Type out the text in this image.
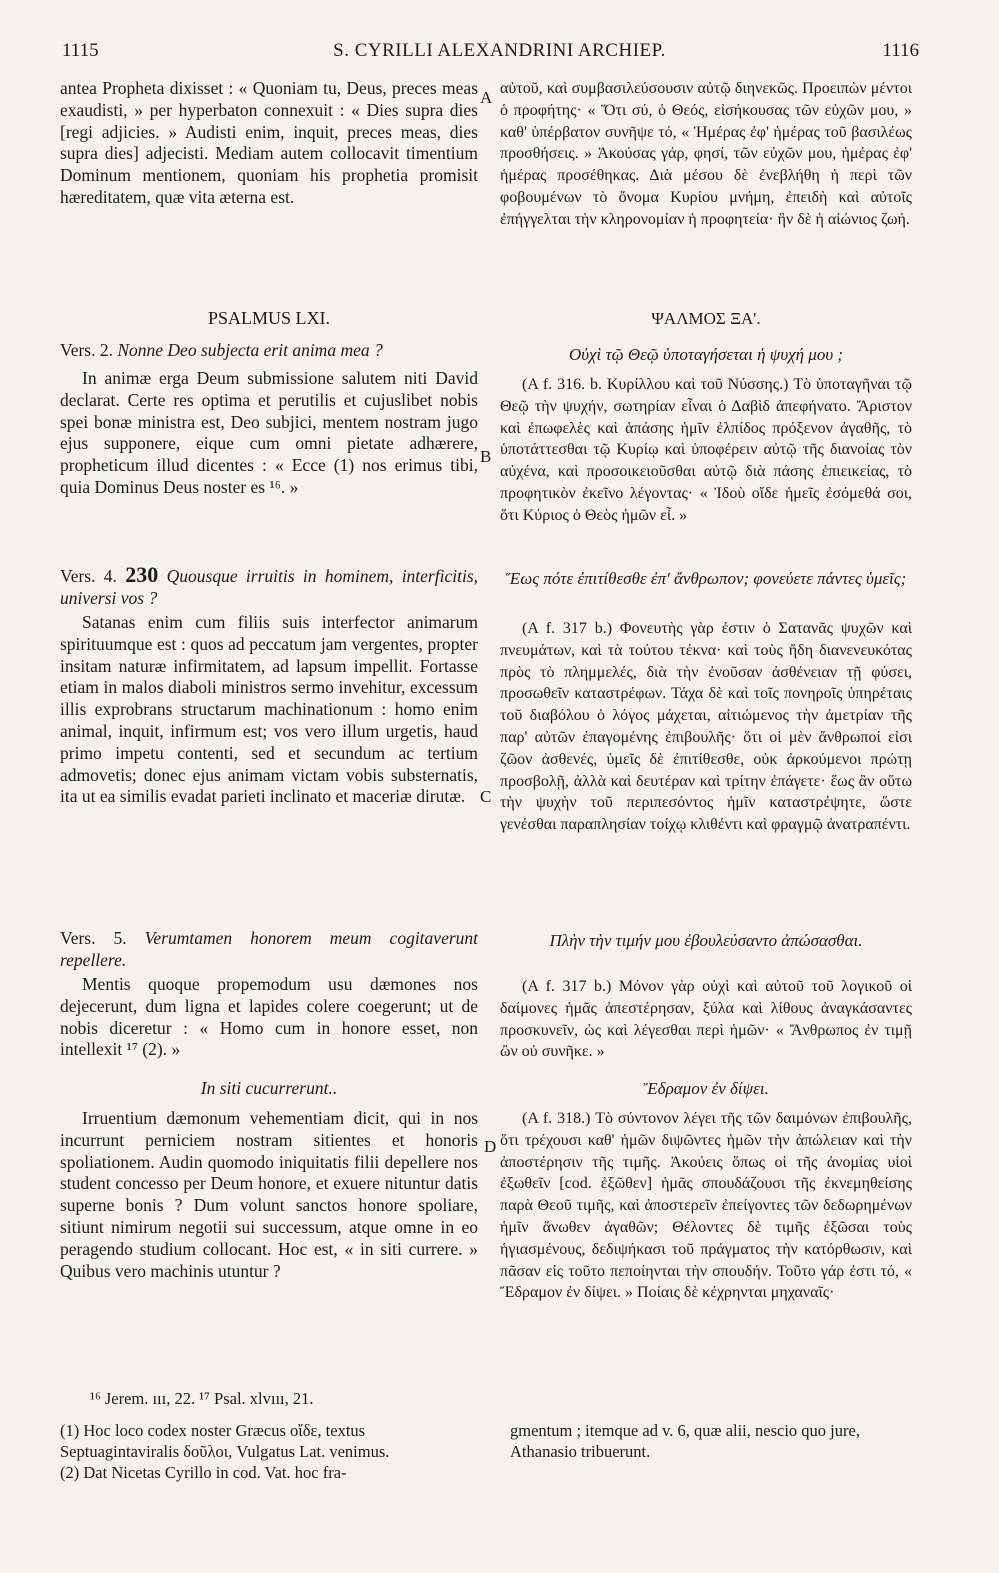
1115	S. CYRILLI ALEXANDRINI ARCHIEP.	1116
A
B
C
D

antea Propheta dixisset : « Quoniam tu, Deus, preces meas exaudisti, » per hyperbaton connexuit : « Dies supra dies [regi adjicies. » Audisti enim, inquit, preces meas, dies supra dies] adjecisti. Mediam autem collocavit timentium Dominum mentionem, quoniam his prophetia promisit hæreditatem, quæ vita æterna est.

PSALMUS LXI.

Vers. 2. Nonne Deo subjecta erit anima mea ?

In animæ erga Deum submissione salutem niti David declarat. Certe res optima et perutilis et cujuslibet nobis spei bonæ ministra est, Deo subjici, mentem nostram jugo ejus supponere, eique cum omni pietate adhærere, propheticum illud dicentes : « Ecce (1) nos erimus tibi, quia Dominus Deus noster es ¹⁶. »

Vers. 4. 230 Quousque irruitis in hominem, interficitis, universi vos ?

Satanas enim cum filiis suis interfector animarum spirituumque est : quos ad peccatum jam vergentes, propter insitam naturæ infirmitatem, ad lapsum impellit. Fortasse etiam in malos diaboli ministros sermo invehitur, excessum illis exprobrans structarum machinationum : homo enim animal, inquit, infirmum est; vos vero illum urgetis, haud primo impetu contenti, sed et secundum ac tertium admovetis; donec ejus animam victam vobis substernatis, ita ut ea similis evadat parieti inclinato et maceriæ dirutæ.

Vers. 5. Verumtamen honorem meum cogitaverunt repellere.

Mentis quoque propemodum usu dæmones nos dejecerunt, dum ligna et lapides colere coegerunt; ut de nobis diceretur : « Homo cum in honore esset, non intellexit ¹⁷ (2). »

In siti cucurrerunt..

Irruentium dæmonum vehementiam dicit, qui in nos incurrunt perniciem nostram sitientes et honoris spoliationem. Audin quomodo iniquitatis filii depellere nos student concesso per Deum honore, et exuere nituntur datis superne bonis ? Dum volunt sanctos honore spoliare, sitiunt nimirum negotii sui successum, atque omne in eo peragendo studium collocant. Hoc est, « in siti currere. » Quibus vero machinis utuntur ?

αὐτοῦ, καὶ συμβασιλεύσουσιν αὐτῷ διηνεκῶς. Προειπὼν μέντοι ὁ προφήτης· « Ὅτι σύ, ὁ Θεός, εἰσήκουσας τῶν εὐχῶν μου, » καθ' ὑπέρβατον συνῆψε τό, « Ἡμέρας ἐφ' ἡμέρας τοῦ βασιλέως προσθήσεις. » Ἀκούσας γάρ, φησί, τῶν εὐχῶν μου, ἡμέρας ἐφ' ἡμέρας προσέθηκας. Διὰ μέσου δὲ ἐνεβλήθη ἡ περὶ τῶν φοβουμένων τὸ ὄνομα Κυρίου μνήμη, ἐπειδὴ καὶ αὐτοῖς ἐπήγγελται τὴν κληρονομίαν ἡ προφητεία· ἣν δὲ ἡ αἰώνιος ζωή.

ΨΑΛΜΟΣ ΞΑ'.
Οὐχὶ τῷ Θεῷ ὑποταγήσεται ἡ ψυχή μου ;

(A f. 316. b. Κυρίλλου καὶ τοῦ Νύσσης.) Τὸ ὑποταγῆναι τῷ Θεῷ τὴν ψυχήν, σωτηρίαν εἶναι ὁ Δαβὶδ ἀπεφήνατο. Ἄριστον καὶ ἐπωφελὲς καὶ ἁπάσης ἡμῖν ἐλπίδος πρόξενον ἀγαθῆς, τὸ ὑποτάττεσθαι τῷ Κυρίῳ καὶ ὑποφέρειν αὐτῷ τῆς διανοίας τὸν αὐχένα, καὶ προσοικειοῦσθαι αὐτῷ διὰ πάσης ἐπιεικείας, τὸ προφητικὸν ἐκεῖνο λέγοντας· « Ἰδοὺ οἴδε ἡμεῖς ἐσόμεθά σοι, ὅτι Κύριος ὁ Θεὸς ἡμῶν εἶ. »

Ἕως πότε ἐπιτίθεσθε ἐπ' ἄνθρωπον; φονεύετε πάντες ὑμεῖς;

(A f. 317 b.) Φονευτὴς γὰρ ἐστιν ὁ Σατανᾶς ψυχῶν καὶ πνευμάτων, καὶ τὰ τούτου τέκνα· καὶ τοὺς ἤδη διανενευκότας πρὸς τὸ πλημμελές, διὰ τὴν ἐνοῦσαν ἀσθένειαν τῇ φύσει, προσωθεῖν καταστρέφων. Τάχα δὲ καὶ τοῖς πονηροῖς ὑπηρέταις τοῦ διαβόλου ὁ λόγος μάχεται, αἰτιώμενος τὴν ἀμετρίαν τῆς παρ' αὐτῶν ἐπαγομένης ἐπιβουλῆς· ὅτι οἱ μὲν ἄνθρωποί εἰσι ζῶον ἀσθενές, ὑμεῖς δὲ ἐπιτίθεσθε, οὐκ ἀρκούμενοι πρώτῃ προσβολῇ, ἀλλὰ καὶ δευτέραν καὶ τρίτην ἐπάγετε· ἕως ἂν οὕτω τὴν ψυχὴν τοῦ περιπεσόντος ἡμῖν καταστρέψητε, ὥστε γενέσθαι παραπλησίαν τοίχῳ κλιθέντι καὶ φραγμῷ ἀνατραπέντι.

Πλὴν τὴν τιμήν μου ἐβουλεύσαντο ἀπώσασθαι.

(A f. 317 b.) Μόνον γὰρ οὐχὶ καὶ αὐτοῦ τοῦ λογικοῦ οἱ δαίμονες ἡμᾶς ἀπεστέρησαν, ξύλα καὶ λίθους ἀναγκάσαντες προσκυνεῖν, ὡς καὶ λέγεσθαι περὶ ἡμῶν· « Ἄνθρωπος ἐν τιμῇ ὢν οὐ συνῆκε. »

Ἔδραμον ἐν δίψει.

(A f. 318.) Τὸ σύντονον λέγει τῆς τῶν δαιμόνων ἐπιβουλῆς, ὅτι τρέχουσι καθ' ἡμῶν διψῶντες ἡμῶν τὴν ἀπώλειαν καὶ τὴν ἀποστέρησιν τῆς τιμῆς. Ἀκούεις ὅπως οἱ τῆς ἀνομίας υἱοὶ ἐξωθεῖν [cod. ἐξῶθεν] ἡμᾶς σπουδάζουσι τῆς ἐκνεμηθείσης παρὰ Θεοῦ τιμῆς, καὶ ἀποστερεῖν ἐπείγοντες τῶν δεδωρημένων ἡμῖν ἄνωθεν ἀγαθῶν; Θέλοντες δὲ τιμῆς ἐξῶσαι τοὺς ἡγιασμένους, δεδιψήκασι τοῦ πράγματος τὴν κατόρθωσιν, καὶ πᾶσαν εἰς τοῦτο πεποίηνται τὴν σπουδήν. Τοῦτο γάρ ἐστι τό, « Ἔδραμον ἐν δίψει. » Ποίαις δὲ κέχρηνται μηχαναῖς·

¹⁶ Jerem. ııı, 22. ¹⁷ Psal. xlvııı, 21.

(1) Hoc loco codex noster Græcus οἴδε, textus Septuagintaviralis δοῦλοι, Vulgatus Lat. venimus.

(2) Dat Nicetas Cyrillo in cod. Vat. hoc fra-

gmentum ; itemque ad v. 6, quæ alii, nescio quo jure, Athanasio tribuerunt.
